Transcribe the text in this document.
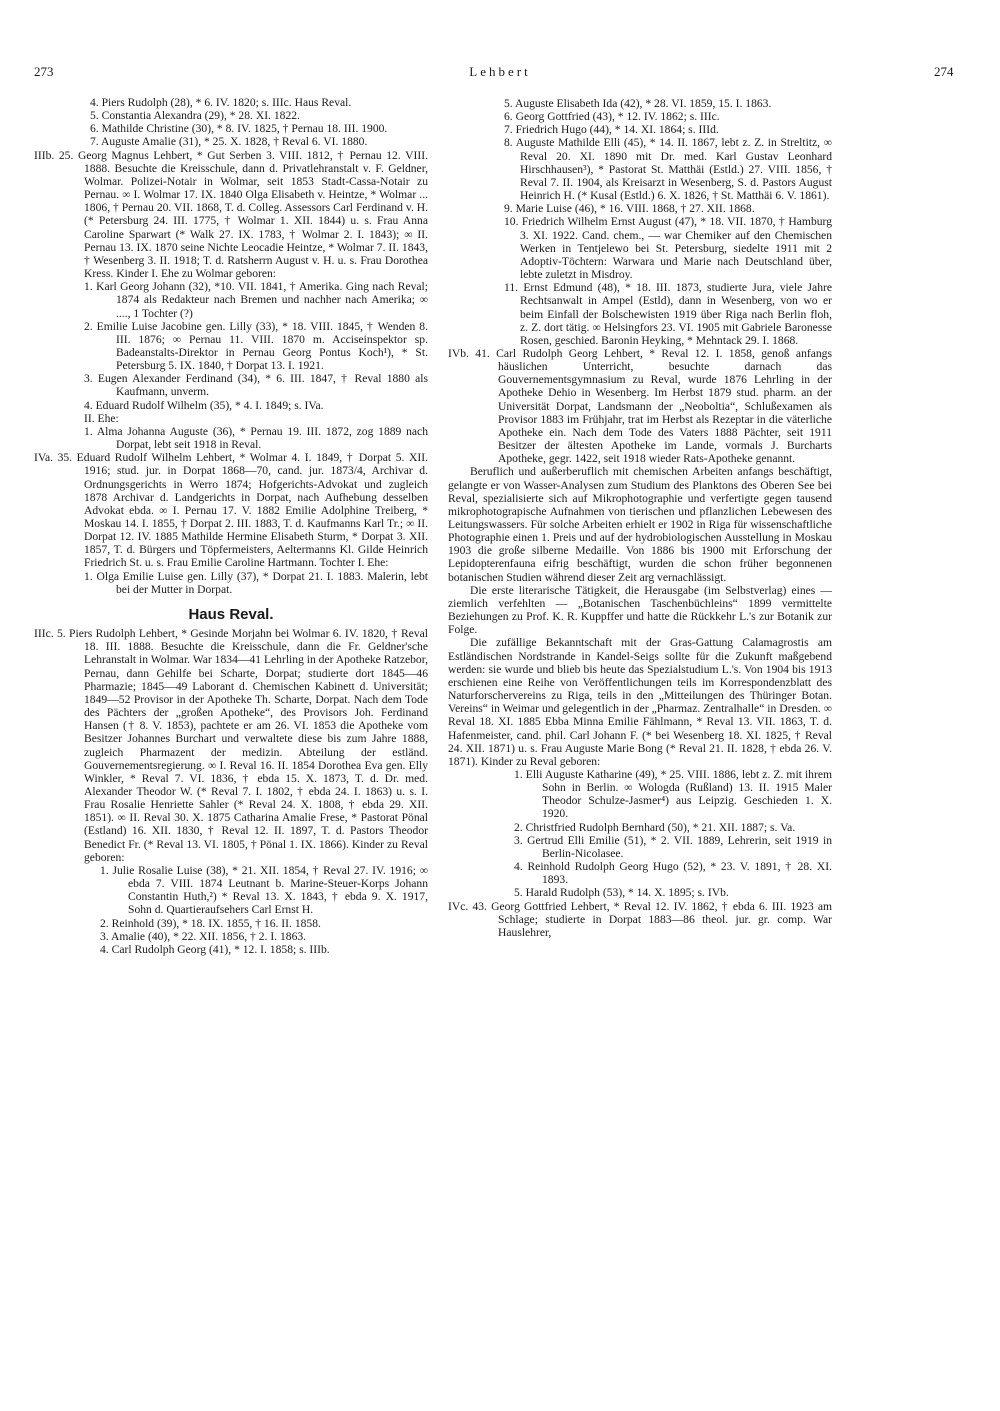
273	Lehbert	274

4. Piers Rudolph (28), * 6. IV. 1820; s. IIIc. Haus Reval.

5. Constantia Alexandra (29), * 28. XI. 1822.

6. Mathilde Christine (30), * 8. IV. 1825, † Pernau 18. III. 1900.

7. Auguste Amalie (31), * 25. X. 1828, † Reval 6. VI. 1880.

IIIb. 25. Georg Magnus Lehbert, * Gut Serben 3. VIII. 1812, † Pernau 12. VIII. 1888. Besuchte die Kreisschule, dann d. Privatlehranstalt v. F. Geldner, Wolmar. Polizei-Notair in Wolmar, seit 1853 Stadt-Cassa-Notair zu Pernau. ∞ I. Wolmar 17. IX. 1840 Olga Elisabeth v. Heintze, * Wolmar ... 1806, † Pernau 20. VII. 1868, T. d. Colleg. Assessors Carl Ferdinand v. H. (* Petersburg 24. III. 1775, † Wolmar 1. XII. 1844) u. s. Frau Anna Caroline Sparwart (* Walk 27. IX. 1783, † Wolmar 2. I. 1843); ∞ II. Pernau 13. IX. 1870 seine Nichte Leocadie Heintze, * Wolmar 7. II. 1843, † Wesenberg 3. II. 1918; T. d. Ratsherrn August v. H. u. s. Frau Dorothea Kress. Kinder I. Ehe zu Wolmar geboren:

1. Karl Georg Johann (32), *10. VII. 1841, † Amerika. Ging nach Reval; 1874 als Redakteur nach Bremen und nachher nach Amerika; ∞ ...., 1 Tochter (?)

2. Emilie Luise Jacobine gen. Lilly (33), * 18. VIII. 1845, † Wenden 8. III. 1876; ∞ Pernau 11. VIII. 1870 m. Acciseinspektor sp. Badeanstalts-Direktor in Pernau Georg Pontus Koch¹), * St. Petersburg 5. IX. 1840, † Dorpat 13. I. 1921.

3. Eugen Alexander Ferdinand (34), * 6. III. 1847, † Reval 1880 als Kaufmann, unverm.

4. Eduard Rudolf Wilhelm (35), * 4. I. 1849; s. IVa.

II. Ehe:

1. Alma Johanna Auguste (36), * Pernau 19. III. 1872, zog 1889 nach Dorpat, lebt seit 1918 in Reval.

IVa. 35. Eduard Rudolf Wilhelm Lehbert, * Wolmar 4. I. 1849, † Dorpat 5. XII. 1916; stud. jur. in Dorpat 1868—70, cand. jur. 1873/4, Archivar d. Ordnungsgerichts in Werro 1874; Hofgerichts-Advokat und zugleich 1878 Archivar d. Landgerichts in Dorpat, nach Aufhebung desselben Advokat ebda. ∞ I. Pernau 17. V. 1882 Emilie Adolphine Treiberg, * Moskau 14. I. 1855, † Dorpat 2. III. 1883, T. d. Kaufmanns Karl Tr.; ∞ II. Dorpat 12. IV. 1885 Mathilde Hermine Elisabeth Sturm, * Dorpat 3. XII. 1857, T. d. Bürgers und Töpfermeisters, Aeltermanns Kl. Gilde Heinrich Friedrich St. u. s. Frau Emilie Caroline Hartmann. Tochter I. Ehe:

1. Olga Emilie Luise gen. Lilly (37), * Dorpat 21. I. 1883. Malerin, lebt bei der Mutter in Dorpat.

Haus Reval.

IIIc. 5. Piers Rudolph Lehbert, * Gesinde Morjahn bei Wolmar 6. IV. 1820, † Reval 18. III. 1888. Besuchte die Kreisschule, dann die Fr. Geldner'sche Lehranstalt in Wolmar. War 1834—41 Lehrling in der Apotheke Ratzebor, Pernau, dann Gehilfe bei Scharte, Dorpat; studierte dort 1845—46 Pharmazie; 1845—49 Laborant d. Chemischen Kabinett d. Universität; 1849—52 Provisor in der Apotheke Th. Scharte, Dorpat. Nach dem Tode des Pächters der „großen Apotheke“, des Provisors Joh. Ferdinand Hansen († 8. V. 1853), pachtete er am 26. VI. 1853 die Apotheke vom Besitzer Johannes Burchart und verwaltete diese bis zum Jahre 1888, zugleich Pharmazent der medizin. Abteilung der estländ. Gouvernementsregierung. ∞ I. Reval 16. II. 1854 Dorothea Eva gen. Elly Winkler, * Reval 7. VI. 1836, † ebda 15. X. 1873, T. d. Dr. med. Alexander Theodor W. (* Reval 7. I. 1802, † ebda 24. I. 1863) u. s. I. Frau Rosalie Henriette Sahler (* Reval 24. X. 1808, † ebda 29. XII. 1851). ∞ II. Reval 30. X. 1875 Catharina Amalie Frese, * Pastorat Pönal (Estland) 16. XII. 1830, † Reval 12. II. 1897, T. d. Pastors Theodor Benedict Fr. (* Reval 13. VI. 1805, † Pönal 1. IX. 1866). Kinder zu Reval geboren:

1. Julie Rosalie Luise (38), * 21. XII. 1854, † Reval 27. IV. 1916; ∞ ebda 7. VIII. 1874 Leutnant b. Marine-Steuer-Korps Johann Constantin Huth,²) * Reval 13. X. 1843, † ebda 9. X. 1917, Sohn d. Quartieraufsehers Carl Ernst H.

2. Reinhold (39), * 18. IX. 1855, † 16. II. 1858.

3. Amalie (40), * 22. XII. 1856, † 2. I. 1863.

4. Carl Rudolph Georg (41), * 12. I. 1858; s. IIIb.

5. Auguste Elisabeth Ida (42), * 28. VI. 1859, 15. I. 1863.

6. Georg Gottfried (43), * 12. IV. 1862; s. IIIc.

7. Friedrich Hugo (44), * 14. XI. 1864; s. IIId.

8. Auguste Mathilde Elli (45), * 14. II. 1867, lebt z. Z. in Streltitz, ∞ Reval 20. XI. 1890 mit Dr. med. Karl Gustav Leonhard Hirschhausen³), * Pastorat St. Matthäi (Estld.) 27. VIII. 1856, † Reval 7. II. 1904, als Kreisarzt in Wesenberg, S. d. Pastors August Heinrich H. (* Kusal (Estld.) 6. X. 1826, † St. Matthäi 6. V. 1861).

9. Marie Luise (46), * 16. VIII. 1868, † 27. XII. 1868.

10. Friedrich Wilhelm Ernst August (47), * 18. VII. 1870, † Hamburg 3. XI. 1922. Cand. chem., — war Chemiker auf den Chemischen Werken in Tentjelewo bei St. Petersburg, siedelte 1911 mit 2 Adoptiv-Töchtern: Warwara und Marie nach Deutschland über, lebte zuletzt in Misdroy.

11. Ernst Edmund (48), * 18. III. 1873, studierte Jura, viele Jahre Rechtsanwalt in Ampel (Estld), dann in Wesenberg, von wo er beim Einfall der Bolschewisten 1919 über Riga nach Berlin floh, z. Z. dort tätig. ∞ Helsingfors 23. VI. 1905 mit Gabriele Baronesse Rosen, geschied. Baronin Heyking, * Mehntack 29. I. 1868.

IVb. 41. Carl Rudolph Georg Lehbert, * Reval 12. I. 1858, genoß anfangs häuslichen Unterricht, besuchte darnach das Gouvernementsgymnasium zu Reval, wurde 1876 Lehrling in der Apotheke Dehio in Wesenberg. Im Herbst 1879 stud. pharm. an der Universität Dorpat, Landsmann der „Neoboltia“, Schlußexamen als Provisor 1883 im Frühjahr, trat im Herbst als Rezeptar in die väterliche Apotheke ein. Nach dem Tode des Vaters 1888 Pächter, seit 1911 Besitzer der ältesten Apotheke im Lande, vormals J. Burcharts Apotheke, gegr. 1422, seit 1918 wieder Rats-Apotheke genannt.

Beruflich und außerberuflich mit chemischen Arbeiten anfangs beschäftigt, gelangte er von Wasser-Analysen zum Studium des Planktons des Oberen See bei Reval, spezialisierte sich auf Mikrophotographie und verfertigte gegen tausend mikrophotograpische Aufnahmen von tierischen und pflanzlichen Lebewesen des Leitungswassers. Für solche Arbeiten erhielt er 1902 in Riga für wissenschaftliche Photographie einen 1. Preis und auf der hydrobiologischen Ausstellung in Moskau 1903 die große silberne Medaille. Von 1886 bis 1900 mit Erforschung der Lepidopterenfauna eifrig beschäftigt, wurden die schon früher begonnenen botanischen Studien während dieser Zeit arg vernachlässigt.

Die erste literarische Tätigkeit, die Herausgabe (im Selbstverlag) eines — ziemlich verfehlten — „Botanischen Taschenbüchleins“ 1899 vermittelte Beziehungen zu Prof. K. R. Kuppffer und hatte die Rückkehr L.'s zur Botanik zur Folge.

Die zufällige Bekanntschaft mit der Gras-Gattung Calamagrostis am Estländischen Nordstrande in Kandel-Seigs sollte für die Zukunft maßgebend werden: sie wurde und blieb bis heute das Spezialstudium L.'s. Von 1904 bis 1913 erschienen eine Reihe von Veröffentlichungen teils im Korrespondenzblatt des Naturforschervereins zu Riga, teils in den „Mitteilungen des Thüringer Botan. Vereins“ in Weimar und gelegentlich in der „Pharmaz. Zentralhalle“ in Dresden. ∞ Reval 18. XI. 1885 Ebba Minna Emilie Fählmann, * Reval 13. VII. 1863, T. d. Hafenmeister, cand. phil. Carl Johann F. (* bei Wesenberg 18. XI. 1825, † Reval 24. XII. 1871) u. s. Frau Auguste Marie Bong (* Reval 21. II. 1828, † ebda 26. V. 1871). Kinder zu Reval geboren:

1. Elli Auguste Katharine (49), * 25. VIII. 1886, lebt z. Z. mit ihrem Sohn in Berlin. ∞ Wologda (Rußland) 13. II. 1915 Maler Theodor Schulze-Jasmer⁴) aus Leipzig. Geschieden 1. X. 1920.

2. Christfried Rudolph Bernhard (50), * 21. XII. 1887; s. Va.

3. Gertrud Elli Emilie (51), * 2. VII. 1889, Lehrerin, seit 1919 in Berlin-Nicolasee.

4. Reinhold Rudolph Georg Hugo (52), * 23. V. 1891, † 28. XI. 1893.

5. Harald Rudolph (53), * 14. X. 1895; s. IVb.

IVc. 43. Georg Gottfried Lehbert, * Reval 12. IV. 1862, † ebda 6. III. 1923 am Schlage; studierte in Dorpat 1883—86 theol. jur. gr. comp. War Hauslehrer,
